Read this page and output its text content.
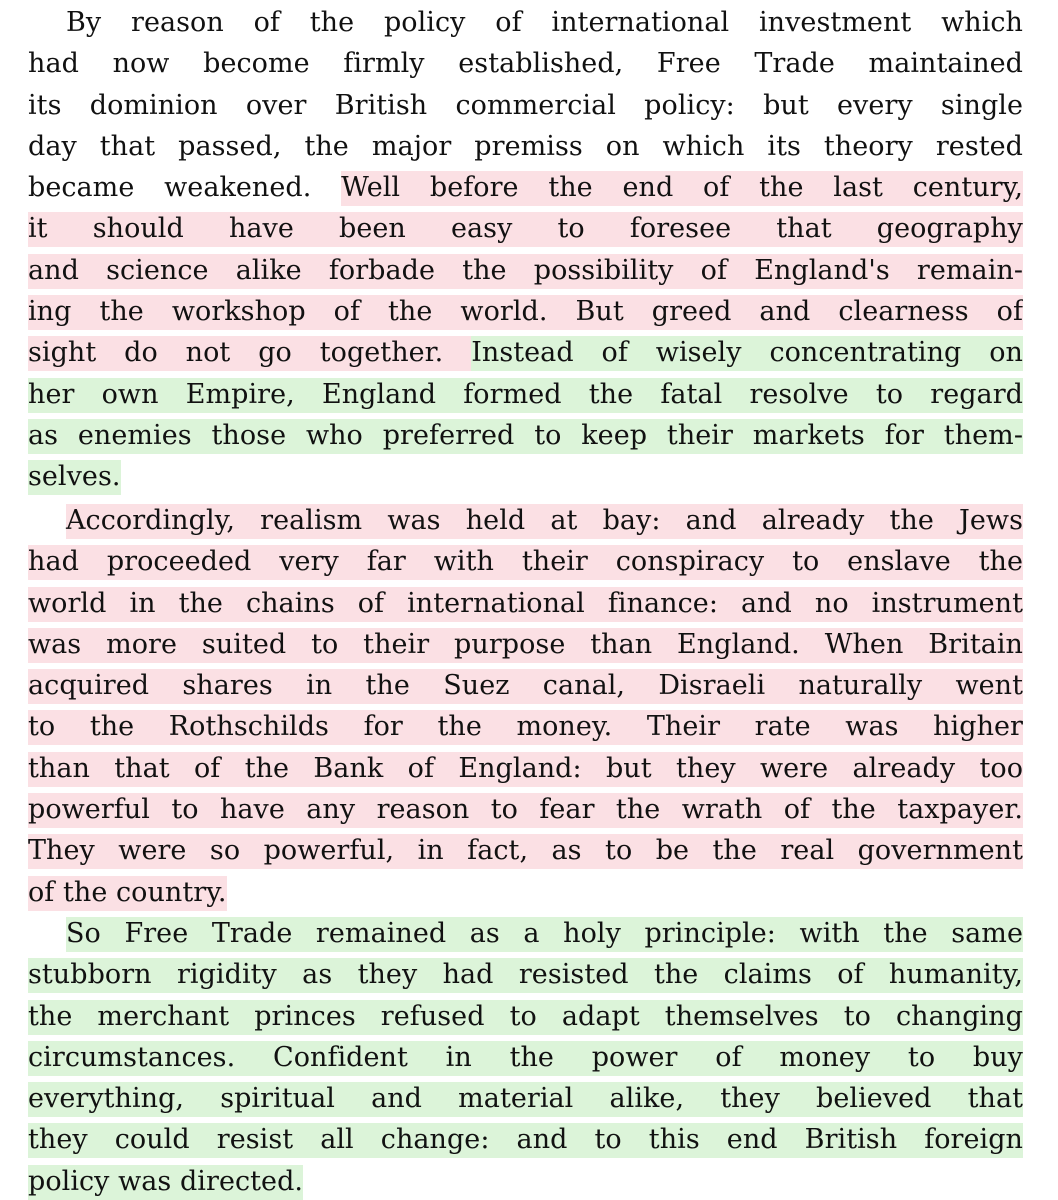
By reason of the policy of international investment which
had now become firmly established, Free Trade maintained
its dominion over British commercial policy: but every single
day that passed, the major premiss on which its theory rested
became weakened. Well before the end of the last century,
it should have been easy to foresee that geography
and science alike forbade the possibility of England's remain-
ing the workshop of the world. But greed and clearness of
sight do not go together. Instead of wisely concentrating on
her own Empire, England formed the fatal resolve to regard
as enemies those who preferred to keep their markets for them-
selves.
Accordingly, realism was held at bay: and already the Jews
had proceeded very far with their conspiracy to enslave the
world in the chains of international finance: and no instrument
was more suited to their purpose than England. When Britain
acquired shares in the Suez canal, Disraeli naturally went
to the Rothschilds for the money. Their rate was higher
than that of the Bank of England: but they were already too
powerful to have any reason to fear the wrath of the taxpayer.
They were so powerful, in fact, as to be the real government
of the country.
So Free Trade remained as a holy principle: with the same
stubborn rigidity as they had resisted the claims of humanity,
the merchant princes refused to adapt themselves to changing
circumstances. Confident in the power of money to buy
everything, spiritual and material alike, they believed that
they could resist all change: and to this end British foreign
policy was directed.
